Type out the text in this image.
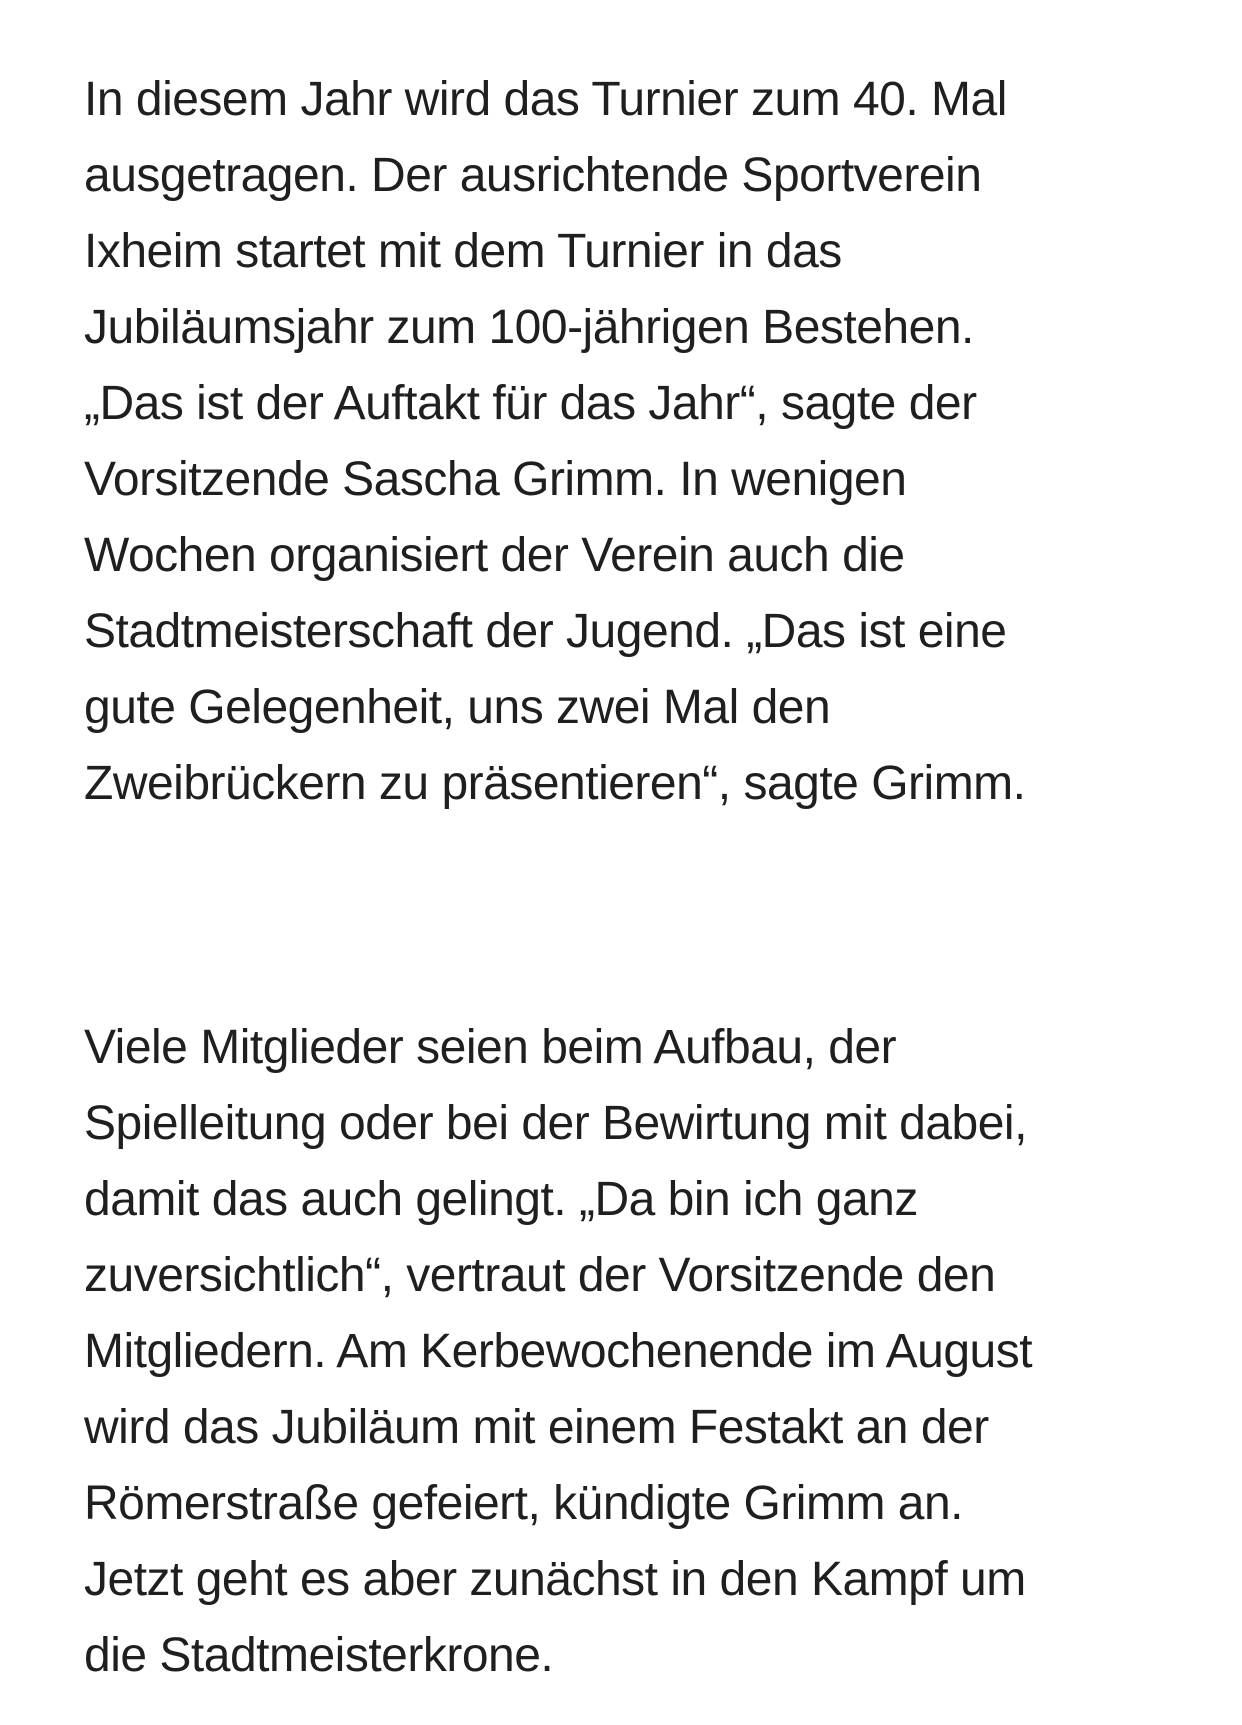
In diesem Jahr wird das Turnier zum 40. Mal
ausgetragen. Der ausrichtende Sportverein
Ixheim startet mit dem Turnier in das
Jubiläumsjahr zum 100-jährigen Bestehen.
„Das ist der Auftakt für das Jahr“, sagte der
Vorsitzende Sascha Grimm. In wenigen
Wochen organisiert der Verein auch die
Stadtmeisterschaft der Jugend. „Das ist eine
gute Gelegenheit, uns zwei Mal den
Zweibrückern zu präsentieren“, sagte Grimm.

Viele Mitglieder seien beim Aufbau, der
Spielleitung oder bei der Bewirtung mit dabei,
damit das auch gelingt. „Da bin ich ganz
zuversichtlich“, vertraut der Vorsitzende den
Mitgliedern. Am Kerbewochenende im August
wird das Jubiläum mit einem Festakt an der
Römerstraße gefeiert, kündigte Grimm an.
Jetzt geht es aber zunächst in den Kampf um
die Stadtmeisterkrone.
